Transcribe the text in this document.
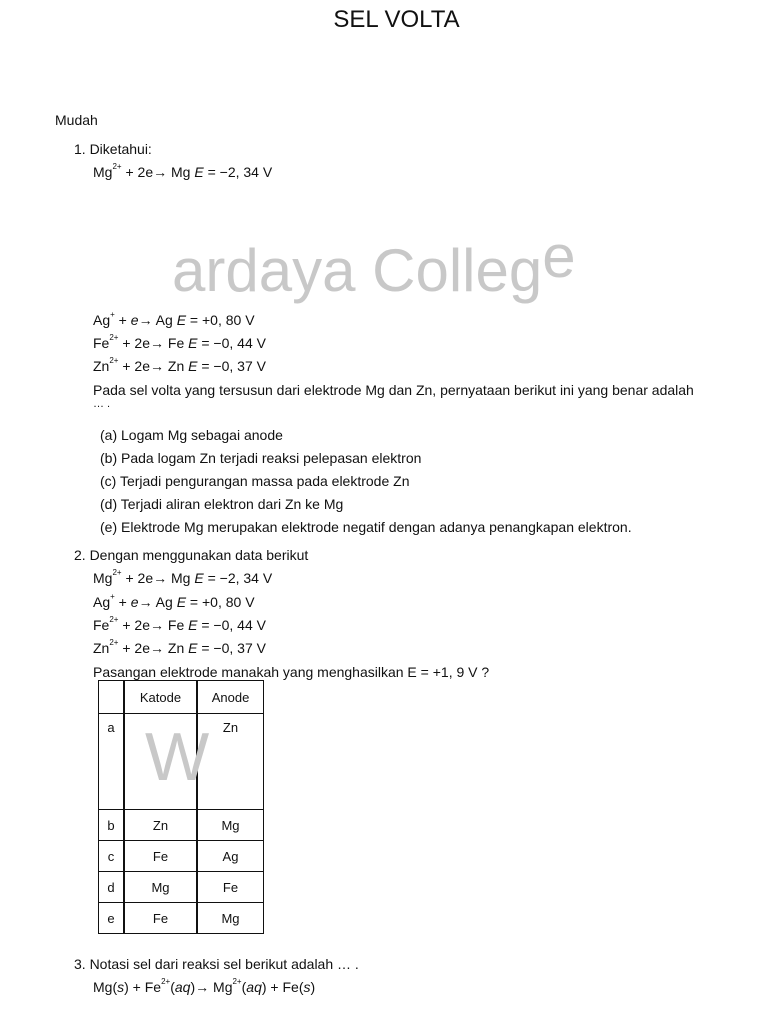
SEL VOLTA
Mudah
1. Diketahui:
$Mg^{2+} + 2e\to Mg$ E = −2, 34 V
ardaya College
Ag+ + e→ Ag E = +0, 80 V
$Fe^{2+} + 2e\to Fe$ E = −0, 44 V
$Zn^{2+} + 2e\to Zn$ E = −0, 37 V
Pada sel volta yang tersusun dari elektrode Mg dan Zn, pernyataan berikut ini yang benar adalah
… .
(a) Logam Mg sebagai anode
(b) Pada logam Zn terjadi reaksi pelepasan elektron
(c) Terjadi pengurangan massa pada elektrode Zn
(d) Terjadi aliran elektron dari Zn ke Mg
(e) Elektrode Mg merupakan elektrode negatif dengan adanya penangkapan elektron.
2. Dengan menggunakan data berikut
$Mg^{2+} + 2e\to Mg$ E = −2, 34 V
Ag+ + e→ Ag E = +0, 80 V
$Fe^{2+} + 2e\to Fe$ E = −0, 44 V
$Zn^{2+} + 2e\to Zn$ E = −0, 37 V
Pasangan elektrode manakah yang menghasilkan E = +1, 9 V ?
	Katode	Anode
a		Zn
b	Zn	Mg
c	Fe	Ag
d	Mg	Fe
e	Fe	Mg
W
3. Notasi sel dari reaksi sel berikut adalah … .
$Mg(s) + Fe^{2+}(aq)\to Mg^{2+}(aq) + Fe(s)$
